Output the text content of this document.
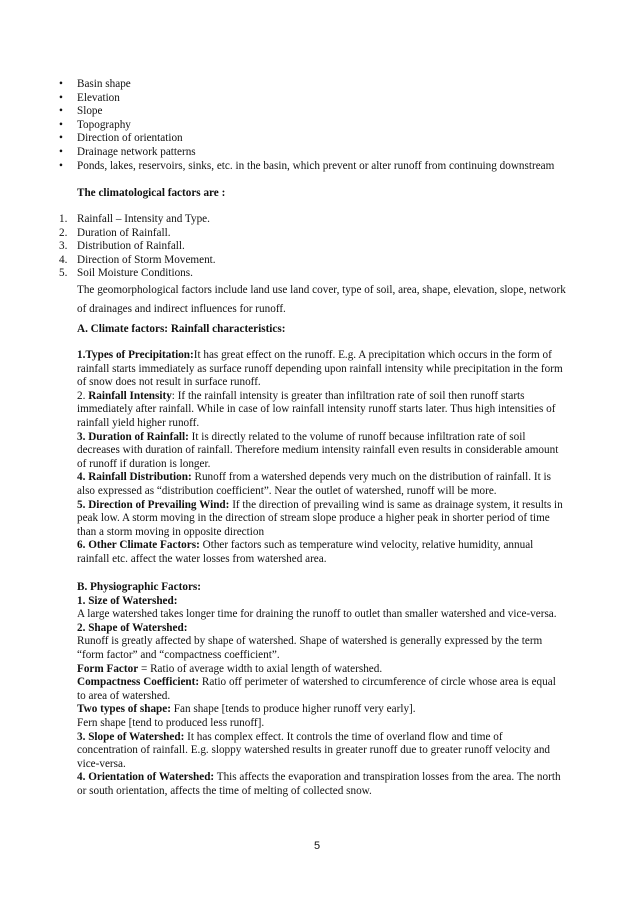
• Basin shape
• Elevation
• Slope
• Topography
• Direction of orientation
• Drainage network patterns
• Ponds, lakes, reservoirs, sinks, etc. in the basin, which prevent or alter runoff from continuing downstream
The climatological factors are :
1. Rainfall – Intensity and Type.
2. Duration of Rainfall.
3. Distribution of Rainfall.
4. Direction of Storm Movement.
5. Soil Moisture Conditions.
The geomorphological factors include land use land cover, type of soil, area, shape, elevation, slope, network of drainages and indirect influences for runoff.
A. Climate factors: Rainfall characteristics:
1.Types of Precipitation:It has great effect on the runoff. E.g. A precipitation which occurs in the form of rainfall starts immediately as surface runoff depending upon rainfall intensity while precipitation in the form of snow does not result in surface runoff.
2. Rainfall Intensity: If the rainfall intensity is greater than infiltration rate of soil then runoff starts immediately after rainfall. While in case of low rainfall intensity runoff starts later. Thus high intensities of rainfall yield higher runoff.
3. Duration of Rainfall: It is directly related to the volume of runoff because infiltration rate of soil decreases with duration of rainfall. Therefore medium intensity rainfall even results in considerable amount of runoff if duration is longer.
4. Rainfall Distribution: Runoff from a watershed depends very much on the distribution of rainfall. It is also expressed as “distribution coefficient”. Near the outlet of watershed, runoff will be more.
5. Direction of Prevailing Wind: If the direction of prevailing wind is same as drainage system, it results in peak low. A storm moving in the direction of stream slope produce a higher peak in shorter period of time than a storm moving in opposite direction
6. Other Climate Factors: Other factors such as temperature wind velocity, relative humidity, annual rainfall etc. affect the water losses from watershed area.
B. Physiographic Factors:
1. Size of Watershed:
A large watershed takes longer time for draining the runoff to outlet than smaller watershed and vice-versa.
2. Shape of Watershed:
Runoff is greatly affected by shape of watershed. Shape of watershed is generally expressed by the term “form factor” and “compactness coefficient”.
Form Factor = Ratio of average width to axial length of watershed.
Compactness Coefficient: Ratio off perimeter of watershed to circumference of circle whose area is equal to area of watershed.
Two types of shape: Fan shape [tends to produce higher runoff very early].
Fern shape [tend to produced less runoff].
3. Slope of Watershed: It has complex effect. It controls the time of overland flow and time of concentration of rainfall. E.g. sloppy watershed results in greater runoff due to greater runoff velocity and vice-versa.
4. Orientation of Watershed: This affects the evaporation and transpiration losses from the area. The north or south orientation, affects the time of melting of collected snow.
5
